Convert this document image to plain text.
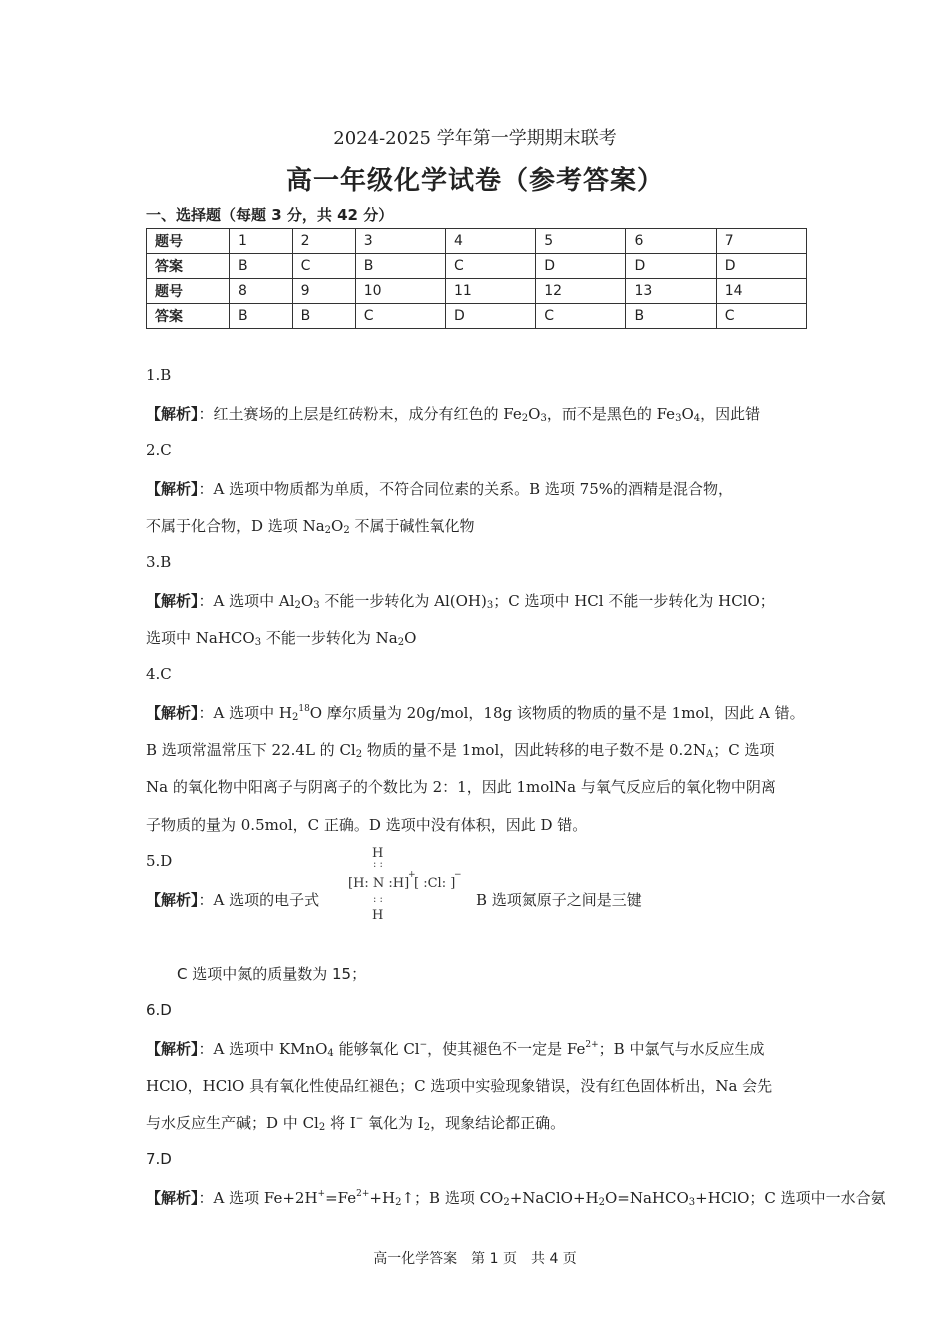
2024-2025 学年第一学期期末联考
高一年级化学试卷（参考答案）
一、选择题（每题 3 分，共 42 分）
题号	1	2	3	4	5	6	7
答案	B	C	B	C	D	D	D
题号	8	9	10	11	12	13	14
答案	B	B	C	D	C	B	C
1.B
【解析】：红土赛场的上层是红砖粉末，成分有红色的 $Fe_2O_3$，而不是黑色的 $Fe_3O_4$，因此错
2.C
【解析】：A 选项中物质都为单质，不符合同位素的关系。B 选项 75%的酒精是混合物，
不属于化合物，D 选项 $Na_2O_2$ 不属于碱性氧化物
3.B
【解析】：A 选项中 $Al_2O_3$ 不能一步转化为 $Al(OH)_3$；C 选项中 HCl 不能一步转化为 HClO；
选项中 NaHCO$_3$ 不能一步转化为 $Na_2O$
4.C
【解析】：A 选项中 $H_2^{18}O$ 摩尔质量为 20g/mol，18g 该物质的物质的量不是 1mol，因此 A 错。
B 选项常温常压下 22.4L 的 $Cl_2$ 物质的量不是 1mol，因此转移的电子数不是 $0.2N_A$；C 选项
Na 的氧化物中阳离子与阴离子的个数比为 2：1，因此 1molNa 与氧气反应后的氧化物中阴离
子物质的量为 0.5mol，C 正确。D 选项中没有体积，因此 D 错。
5.D
【解析】：A 选项的电子式
H
: :
[H: N :H]
+
[ :Cl: ]
−
: :
H
B 选项氮原子之间是三键
C 选项中氮的质量数为 15；
6.D
【解析】：A 选项中 KMnO$_4$ 能够氧化 Cl−，使其褪色不一定是 $Fe^{2+}$；B 中氯气与水反应生成
HClO，HClO 具有氧化性使品红褪色；C 选项中实验现象错误，没有红色固体析出，Na 会先
与水反应生产碱；D 中 $Cl_2$ 将 I− 氧化为 $I_2$，现象结论都正确。
7.D
【解析】：A 选项 $Fe+2H^+=Fe^{2+}+H_2↑$；B 选项 $CO_2+NaClO+H_2O=NaHCO_3+HClO$；C 选项中一水合氨
高一化学答案　第 1 页　共 4 页
